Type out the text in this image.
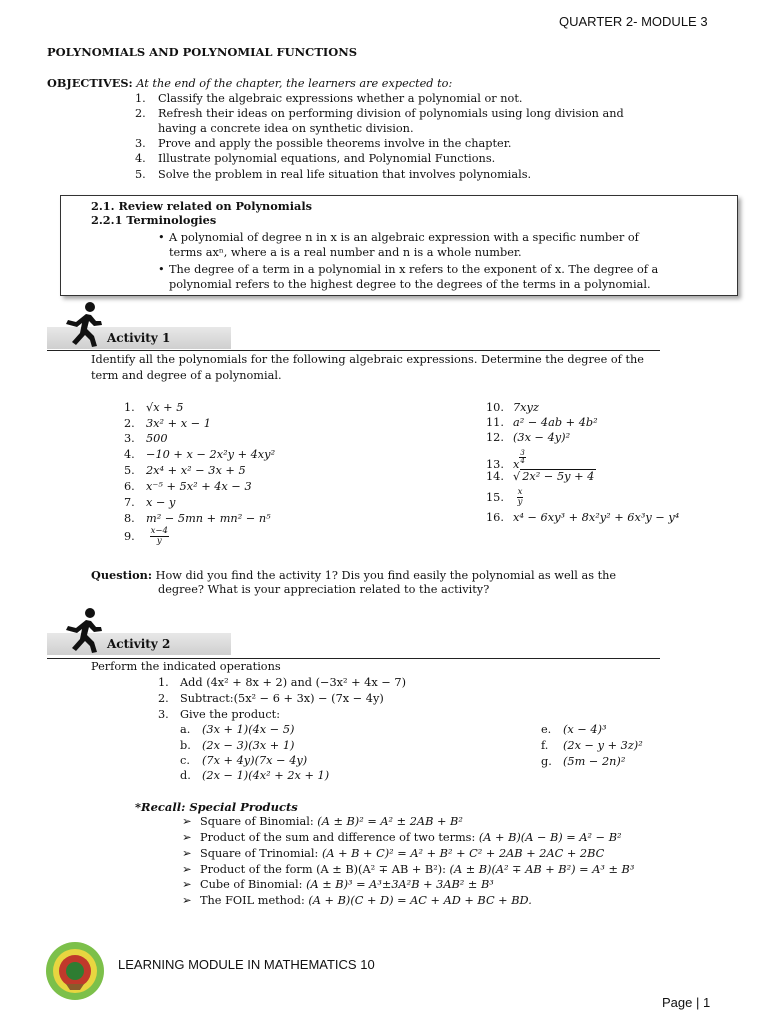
QUARTER 2- MODULE 3
POLYNOMIALS AND POLYNOMIAL FUNCTIONS
OBJECTIVES: At the end of the chapter, the learners are expected to:
1. Classify the algebraic expressions whether a polynomial or not.
2. Refresh their ideas on performing division of polynomials using long division and
having a concrete idea on synthetic division.
3. Prove and apply the possible theorems involve in the chapter.
4. Illustrate polynomial equations, and Polynomial Functions.
5. Solve the problem in real life situation that involves polynomials.
2.1. Review related on Polynomials
2.2.1 Terminologies
• A polynomial of degree n in x is an algebraic expression with a specific number of
terms axⁿ, where a is a real number and n is a whole number.
• The degree of a term in a polynomial in x refers to the exponent of x. The degree of a
polynomial refers to the highest degree to the degrees of the terms in a polynomial.
Activity 1
Identify all the polynomials for the following algebraic expressions. Determine the degree of the
term and degree of a polynomial.
1. √x + 5
2. 3x² + x − 1
3. 500
4. −10 + x − 2x²y + 4xy²
5. 2x⁴ + x² − 3x + 5
6. x⁻⁵ + 5x² + 4x − 3
7. x − y
8. m² − 5mn + mn² − n⁵
9. $\frac{x-4}{y}$
10. 7xyz
11. a² − 4ab + 4b²
12. (3x − 4y)²
13. x $\frac{3}{4}$
14. √ 2x² − 5y + 4
15. $\frac{x}{y}$
16. x⁴ − 6xy³ + 8x²y² + 6x³y − y⁴
Question: How did you find the activity 1? Dis you find easily the polynomial as well as the
degree? What is your appreciation related to the activity?
Activity 2
Perform the indicated operations
1. Add (4x² + 8x + 2) and (−3x² + 4x − 7)
2. Subtract:(5x² − 6 + 3x) − (7x − 4y)
3. Give the product:
a. (3x + 1)(4x − 5)
b. (2x − 3)(3x + 1)
c. (7x + 4y)(7x − 4y)
d. (2x − 1)(4x² + 2x + 1)
e. (x − 4)³
f. (2x − y + 3z)²
g. (5m − 2n)²
*Recall: Special Products
➢ Square of Binomial: (A ± B)² = A² ± 2AB + B²
➢ Product of the sum and difference of two terms: (A + B)(A − B) = A² − B²
➢ Square of Trinomial: (A + B + C)² = A² + B² + C² + 2AB + 2AC + 2BC
➢ Product of the form (A ± B)(A² ∓ AB + B²): (A ± B)(A² ∓ AB + B²) = A³ ± B³
➢ Cube of Binomial: (A ± B)³ = A³±3A²B + 3AB² ± B³
➢ The FOIL method: (A + B)(C + D) = AC + AD + BC + BD.
LEARNING MODULE IN MATHEMATICS 10
Page | 1
